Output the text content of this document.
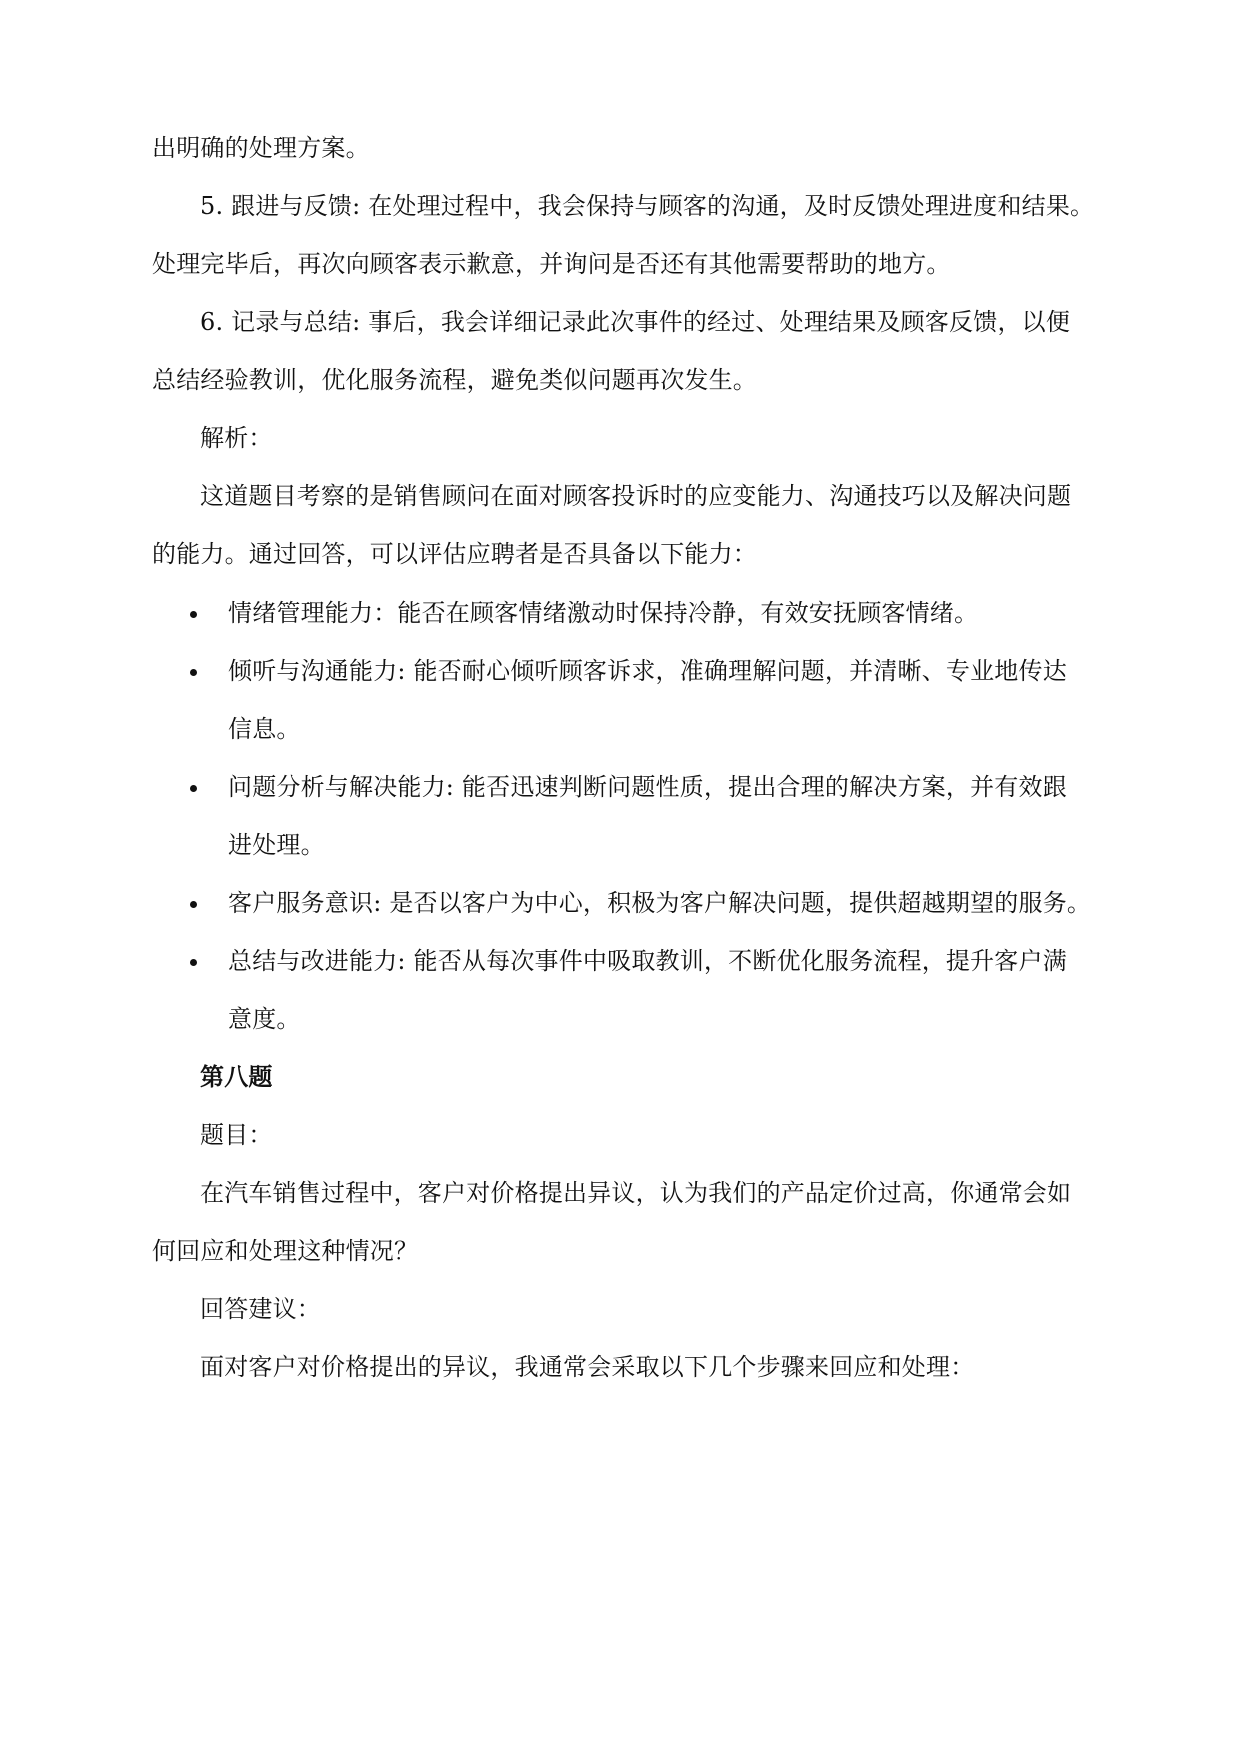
出明确的处理方案。
5. 跟进与反馈: 在处理过程中，我会保持与顾客的沟通，及时反馈处理进度和结果。
处理完毕后，再次向顾客表示歉意，并询问是否还有其他需要帮助的地方。
6. 记录与总结: 事后，我会详细记录此次事件的经过、处理结果及顾客反馈，以便
总结经验教训，优化服务流程，避免类似问题再次发生。
解析：
这道题目考察的是销售顾问在面对顾客投诉时的应变能力、沟通技巧以及解决问题
的能力。通过回答，可以评估应聘者是否具备以下能力：
情绪管理能力：能否在顾客情绪激动时保持冷静，有效安抚顾客情绪。
倾听与沟通能力: 能否耐心倾听顾客诉求，准确理解问题，并清晰、专业地传达
信息。
问题分析与解决能力: 能否迅速判断问题性质，提出合理的解决方案，并有效跟
进处理。
客户服务意识: 是否以客户为中心，积极为客户解决问题，提供超越期望的服务。
总结与改进能力: 能否从每次事件中吸取教训，不断优化服务流程，提升客户满
意度。
第八题
题目：
在汽车销售过程中，客户对价格提出异议，认为我们的产品定价过高，你通常会如
何回应和处理这种情况？
回答建议：
面对客户对价格提出的异议，我通常会采取以下几个步骤来回应和处理：
